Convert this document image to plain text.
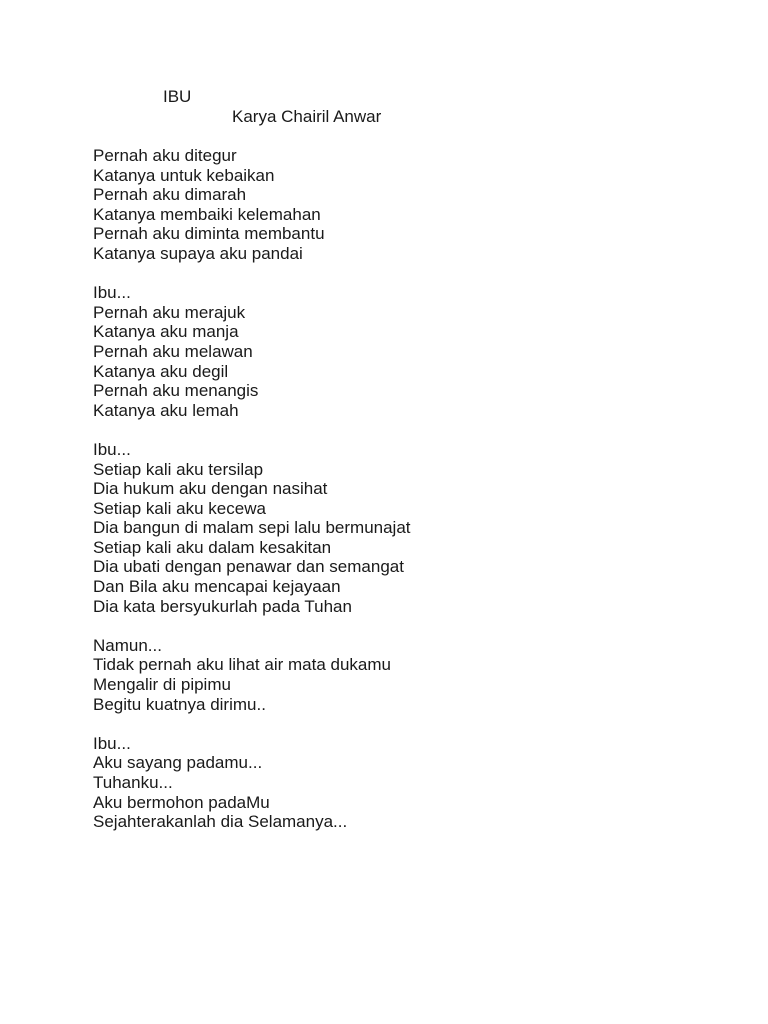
IBU
Karya Chairil Anwar
Pernah aku ditegur
Katanya untuk kebaikan
Pernah aku dimarah
Katanya membaiki kelemahan
Pernah aku diminta membantu
Katanya supaya aku pandai
Ibu...
Pernah aku merajuk
Katanya aku manja
Pernah aku melawan
Katanya aku degil
Pernah aku menangis
Katanya aku lemah
Ibu...
Setiap kali aku tersilap
Dia hukum aku dengan nasihat
Setiap kali aku kecewa
Dia bangun di malam sepi lalu bermunajat
Setiap kali aku dalam kesakitan
Dia ubati dengan penawar dan semangat
Dan Bila aku mencapai kejayaan
Dia kata bersyukurlah pada Tuhan
Namun...
Tidak pernah aku lihat air mata dukamu
Mengalir di pipimu
Begitu kuatnya dirimu..
Ibu...
Aku sayang padamu...
Tuhanku...
Aku bermohon padaMu
Sejahterakanlah dia Selamanya...
